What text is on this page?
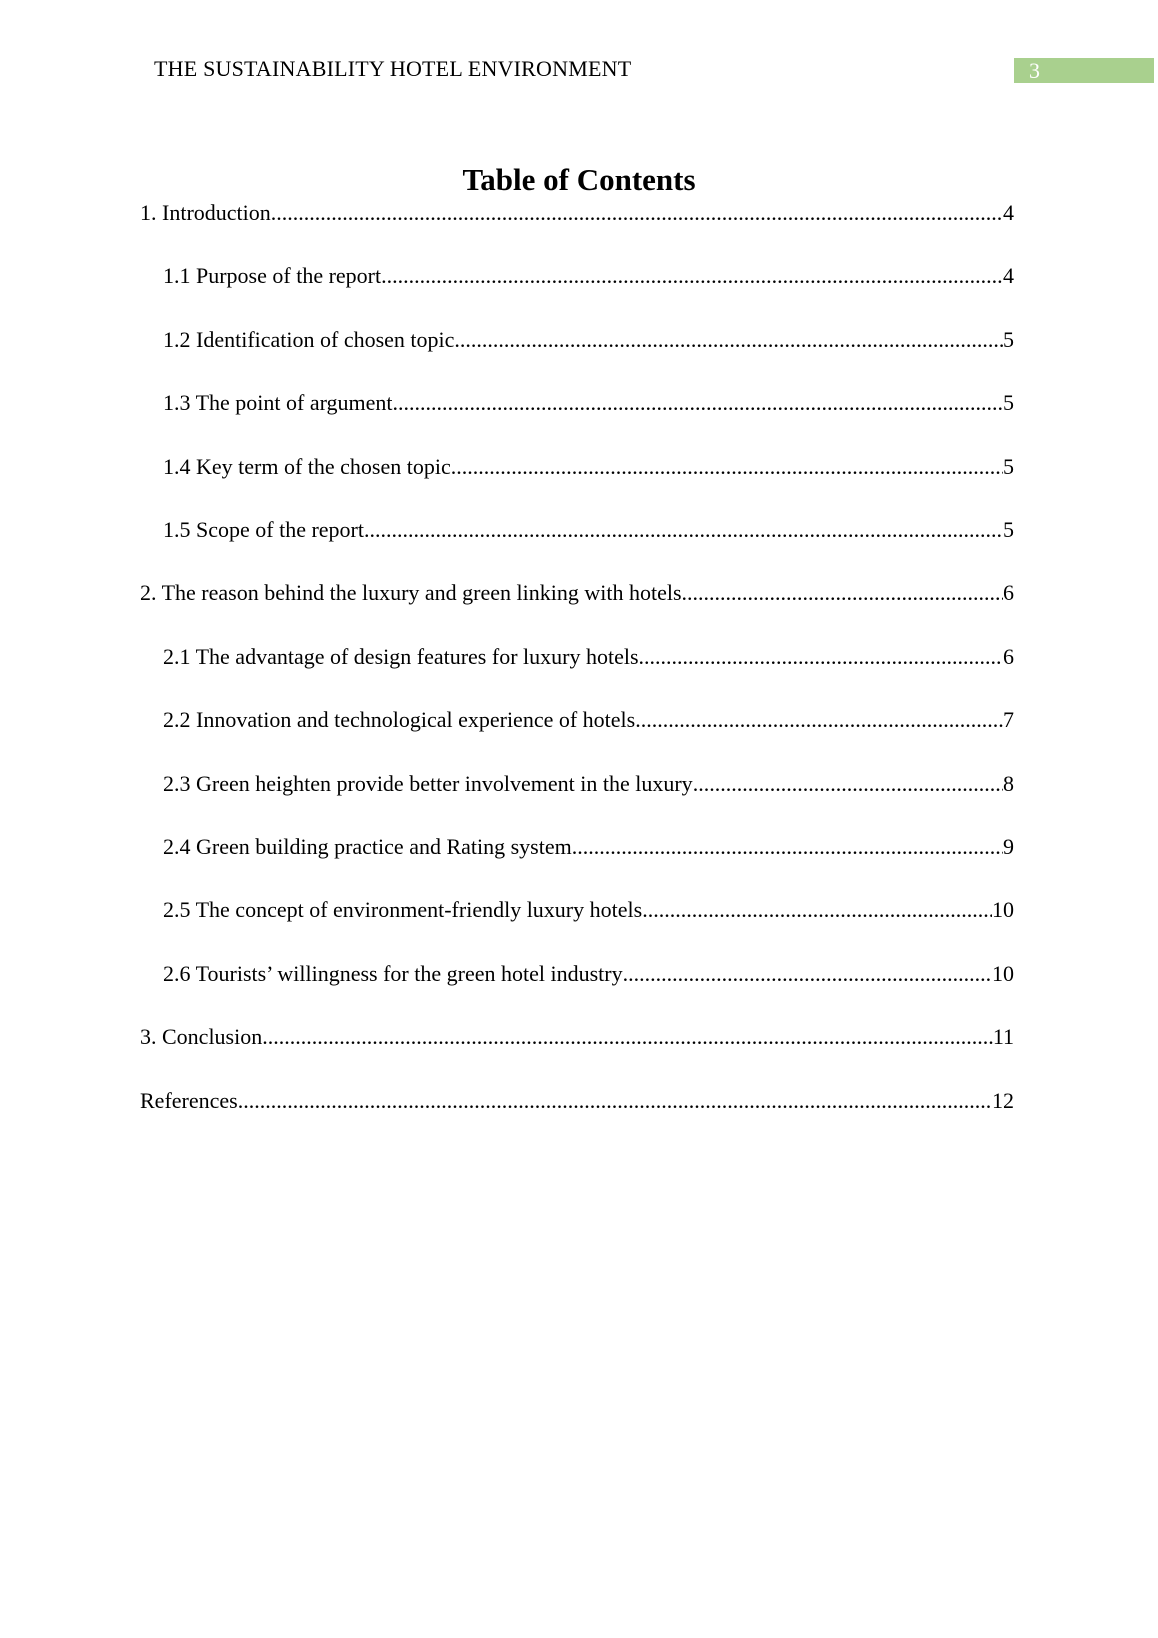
THE SUSTAINABILITY HOTEL ENVIRONMENT	3
Table of Contents
1. Introduction .....	4
1.1 Purpose of the report .....	4
1.2 Identification of chosen topic .....	5
1.3 The point of argument .....	5
1.4 Key term of the chosen topic .....	5
1.5 Scope of the report .....	5
2. The reason behind the luxury and green linking with hotels .....	6
2.1 The advantage of design features for luxury hotels .....	6
2.2 Innovation and technological experience of hotels .....	7
2.3 Green heighten provide better involvement in the luxury .....	8
2.4 Green building practice and Rating system .....	9
2.5 The concept of environment-friendly luxury hotels .....	10
2.6 Tourists’ willingness for the green hotel industry .....	10
3. Conclusion .....	11
References .....	12
